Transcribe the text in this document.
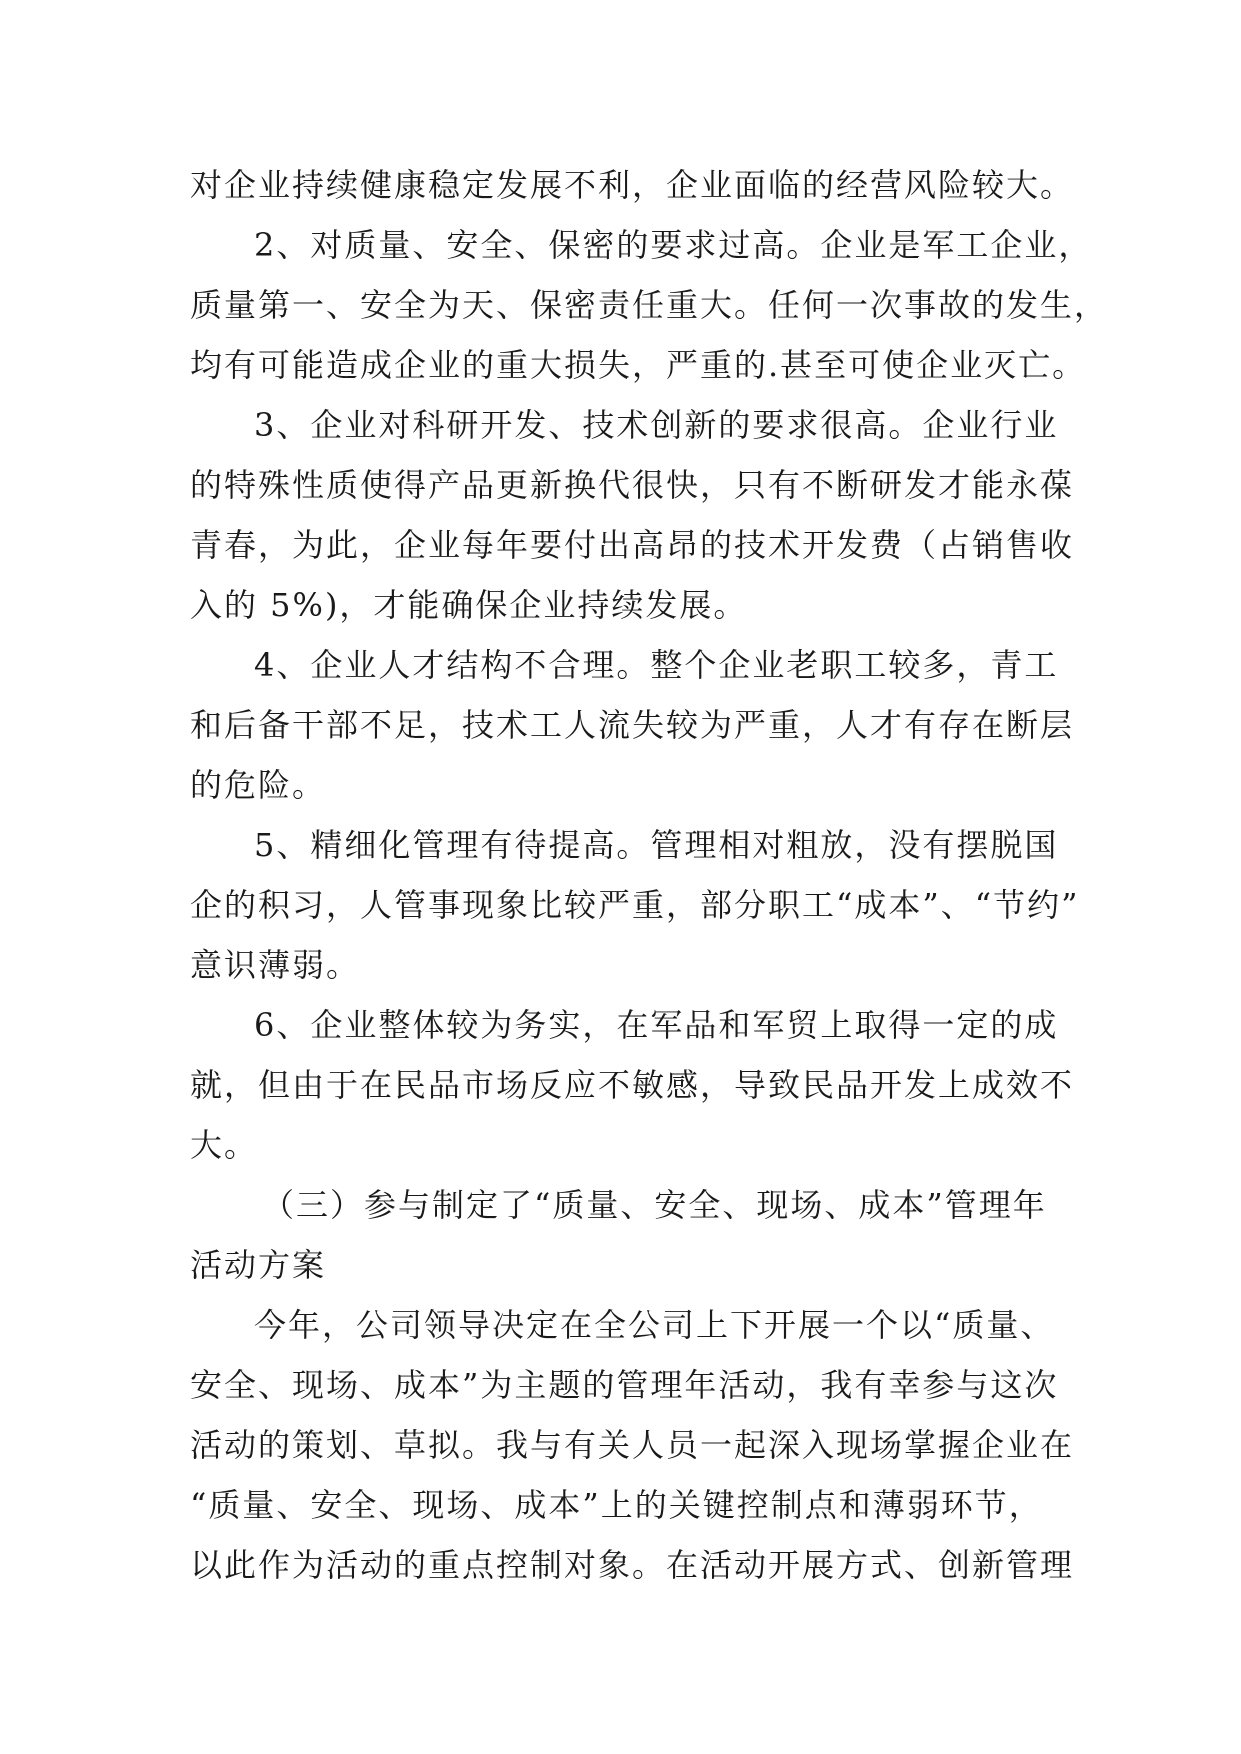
对企业持续健康稳定发展不利，企业面临的经营风险较大。
2、对质量、安全、保密的要求过高。企业是军工企业，
质量第一、安全为天、保密责任重大。任何一次事故的发生，
均有可能造成企业的重大损失，严重的.甚至可使企业灭亡。
3、企业对科研开发、技术创新的要求很高。企业行业
的特殊性质使得产品更新换代很快，只有不断研发才能永葆
青春，为此，企业每年要付出高昂的技术开发费（占销售收
入的 5%)，才能确保企业持续发展。
4、企业人才结构不合理。整个企业老职工较多，青工
和后备干部不足，技术工人流失较为严重，人才有存在断层
的危险。
5、精细化管理有待提高。管理相对粗放，没有摆脱国
企的积习，人管事现象比较严重，部分职工“成本”、“节约”
意识薄弱。
6、企业整体较为务实，在军品和军贸上取得一定的成
就，但由于在民品市场反应不敏感，导致民品开发上成效不
大。
（三）参与制定了“质量、安全、现场、成本”管理年
活动方案
今年，公司领导决定在全公司上下开展一个以“质量、
安全、现场、成本”为主题的管理年活动，我有幸参与这次
活动的策划、草拟。我与有关人员一起深入现场掌握企业在
“质量、安全、现场、成本”上的关键控制点和薄弱环节，
以此作为活动的重点控制对象。在活动开展方式、创新管理
